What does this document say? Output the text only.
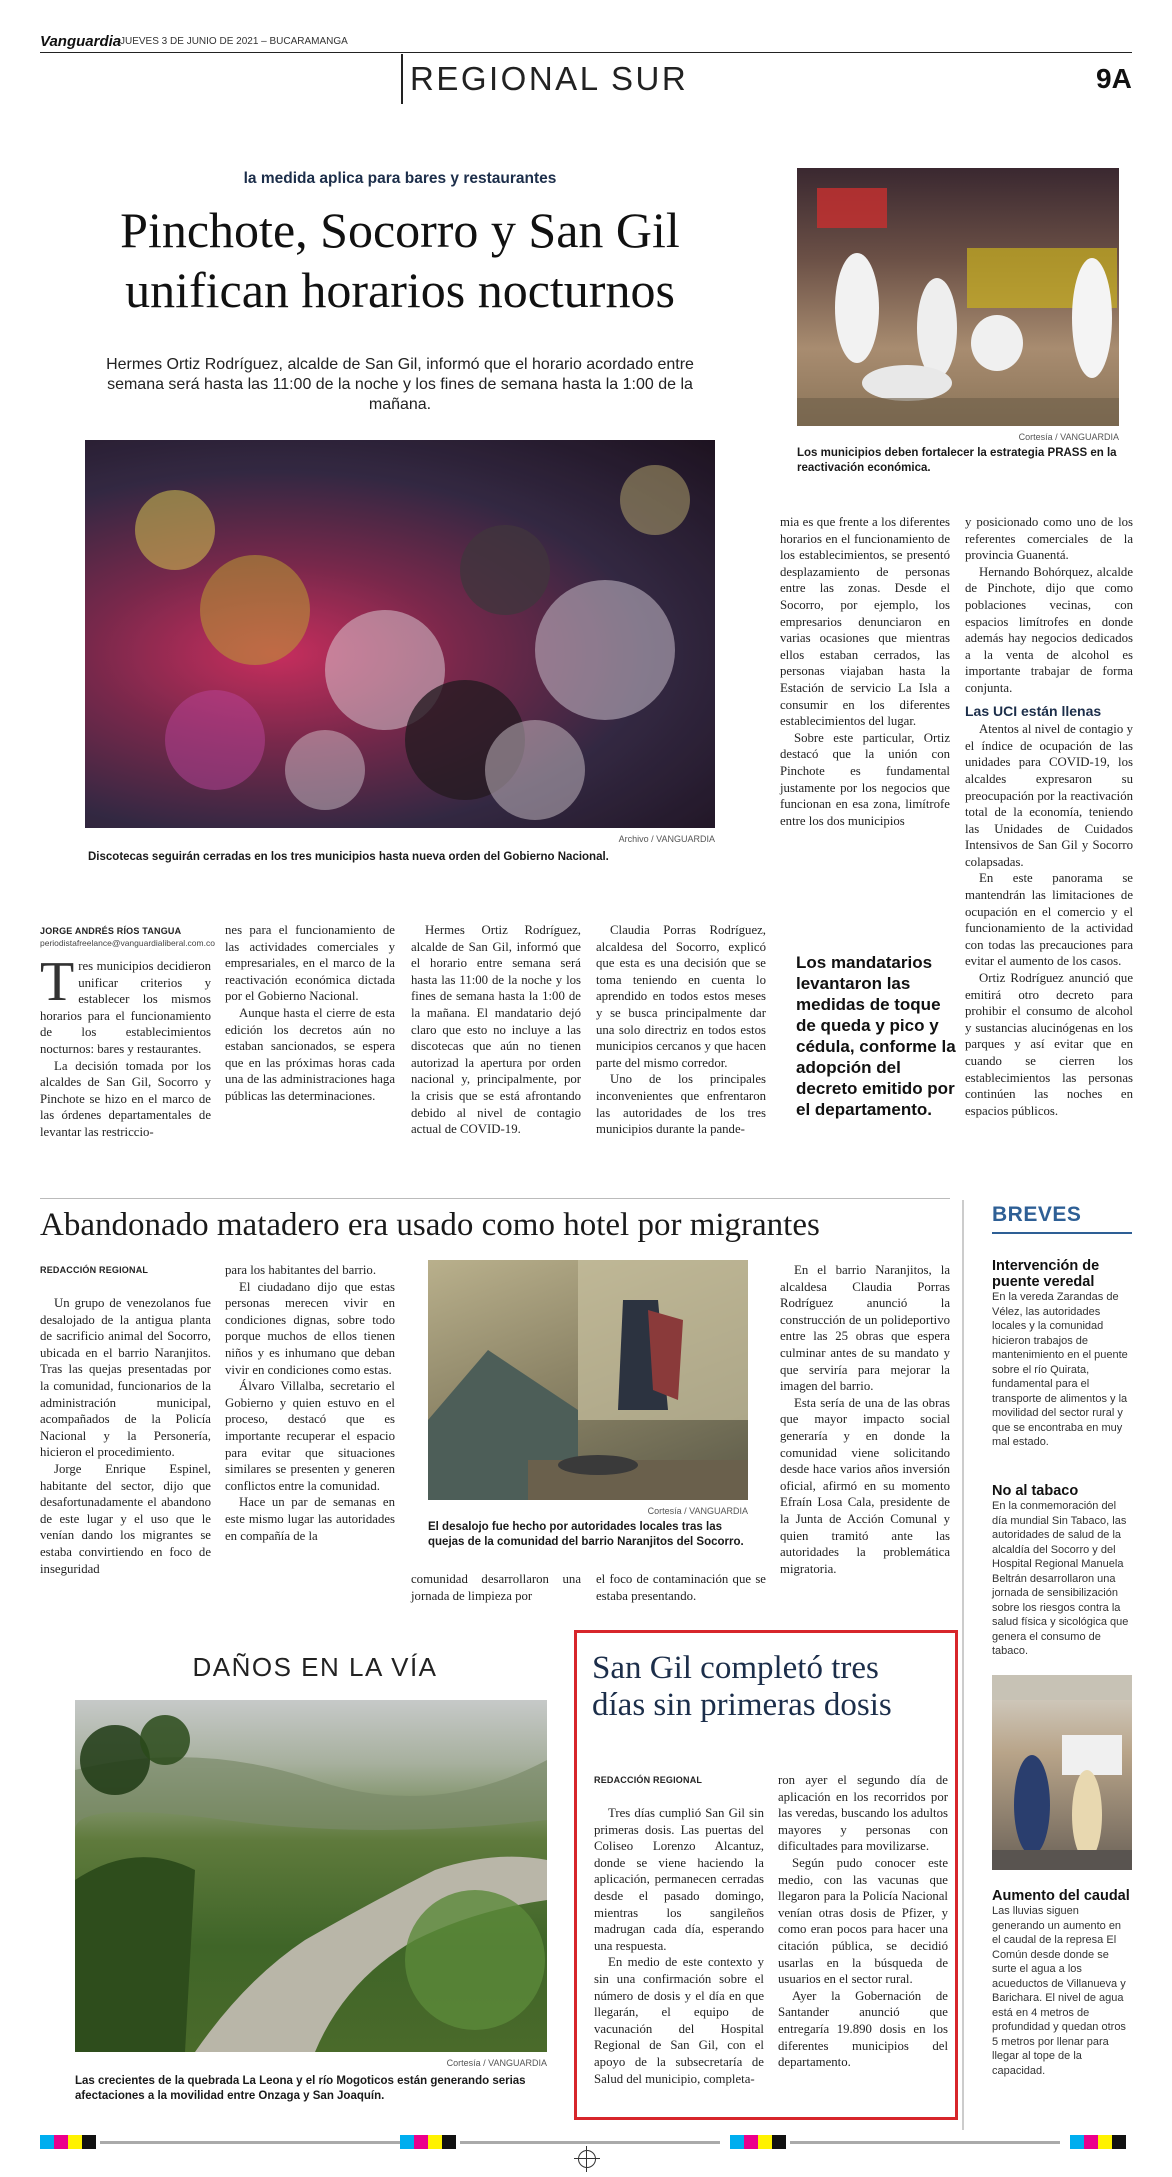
Vanguardia
JUEVES 3 DE JUNIO DE 2021 – BUCARAMANGA
REGIONAL SUR	9A
la medida aplica para bares y restaurantes
Pinchote, Socorro y San Gil
unifican horarios nocturnos
Hermes Ortiz Rodríguez, alcalde de San Gil, informó que el horario acordado entre semana será hasta las 11:00 de la noche y los fines de semana hasta la 1:00 de la mañana.
Archivo / VANGUARDIA
Discotecas seguirán cerradas en los tres municipios hasta nueva orden del Gobierno Nacional.
Cortesía / VANGUARDIA
Los municipios deben fortalecer la estrategia PRASS en la reactivación económica.
JORGE ANDRÉS RÍOS TANGUA
periodistafreelance@vanguardialiberal.com.co

Tres municipios decidieron unificar criterios y establecer los mismos horarios para el funcionamiento de los establecimientos nocturnos: bares y restaurantes.

La decisión tomada por los alcaldes de San Gil, Socorro y Pinchote se hizo en el marco de las órdenes departamentales de levantar las restriccio-

nes para el funcionamiento de las actividades comerciales y empresariales, en el marco de la reactivación económica dictada por el Gobierno Nacional.

Aunque hasta el cierre de esta edición los decretos aún no estaban sancionados, se espera que en las próximas horas cada una de las administraciones haga públicas las determinaciones.

Hermes Ortiz Rodríguez, alcalde de San Gil, informó que el horario entre semana será hasta las 11:00 de la noche y los fines de semana hasta la 1:00 de la mañana. El mandatario dejó claro que esto no incluye a las discotecas que aún no tienen autorizad la apertura por orden nacional y, principalmente, por la crisis que se está afrontando debido al nivel de contagio actual de COVID-19.

Claudia Porras Rodríguez, alcaldesa del Socorro, explicó que esta es una decisión que se toma teniendo en cuenta lo aprendido en todos estos meses y se busca principalmente dar una solo directriz en todos estos municipios cercanos y que hacen parte del mismo corredor.

Uno de los principales inconvenientes que enfrentaron las autoridades de los tres municipios durante la pande-

mia es que frente a los diferentes horarios en el funcionamiento de los establecimientos, se presentó desplazamiento de personas entre las zonas. Desde el Socorro, por ejemplo, los empresarios denunciaron en varias ocasiones que mientras ellos estaban cerrados, las personas viajaban hasta la Estación de servicio La Isla a consumir en los diferentes establecimientos del lugar.

Sobre este particular, Ortiz destacó que la unión con Pinchote es fundamental justamente por los negocios que funcionan en esa zona, limítrofe entre los dos municipios

Los mandatarios levantaron las medidas de toque de queda y pico y cédula, conforme la adopción del decreto emitido por el departamento.

y posicionado como uno de los referentes comerciales de la provincia Guanentá.

Hernando Bohórquez, alcalde de Pinchote, dijo que como poblaciones vecinas, con espacios limítrofes en donde además hay negocios dedicados a la venta de alcohol es importante trabajar de forma conjunta.

Las UCI están llenas

Atentos al nivel de contagio y el índice de ocupación de las unidades para COVID-19, los alcaldes expresaron su preocupación por la reactivación total de la economía, teniendo las Unidades de Cuidados Intensivos de San Gil y Socorro colapsadas.

En este panorama se mantendrán las limitaciones de ocupación en el comercio y el funcionamiento de la actividad con todas las precauciones para evitar el aumento de los casos.

Ortiz Rodríguez anunció que emitirá otro decreto para prohibir el consumo de alcohol y sustancias alucinógenas en los parques y así evitar que en cuando se cierren los establecimientos las personas continúen las noches en espacios públicos.

Abandonado matadero era usado como hotel por migrantes
REDACCIÓN REGIONAL

Un grupo de venezolanos fue desalojado de la antigua planta de sacrificio animal del Socorro, ubicada en el barrio Naranjitos. Tras las quejas presentadas por la comunidad, funcionarios de la administración municipal, acompañados de la Policía Nacional y la Personería, hicieron el procedimiento.

Jorge Enrique Espinel, habitante del sector, dijo que desafortunadamente el abandono de este lugar y el uso que le venían dando los migrantes se estaba convirtiendo en foco de inseguridad

para los habitantes del barrio.

El ciudadano dijo que estas personas merecen vivir en condiciones dignas, sobre todo porque muchos de ellos tienen niños y es inhumano que deban vivir en condiciones como estas.

Álvaro Villalba, secretario el Gobierno y quien estuvo en el proceso, destacó que es importante recuperar el espacio para evitar que situaciones similares se presenten y generen conflictos entre la comunidad.

Hace un par de semanas en este mismo lugar las autoridades en compañía de la

Cortesía / VANGUARDIA
El desalojo fue hecho por autoridades locales tras las quejas de la comunidad del barrio Naranjitos del Socorro.

comunidad desarrollaron una jornada de limpieza por

el foco de contaminación que se estaba presentando.

En el barrio Naranjitos, la alcaldesa Claudia Porras Rodríguez anunció la construcción de un polideportivo entre las 25 obras que espera culminar antes de su mandato y que serviría para mejorar la imagen del barrio.

Esta sería de una de las obras que mayor impacto social generaría y en donde la comunidad viene solicitando desde hace varios años inversión oficial, afirmó en su momento Efraín Losa Cala, presidente de la Junta de Acción Comunal y quien tramitó ante las autoridades la problemática migratoria.

DAÑOS EN LA VÍA
Cortesía / VANGUARDIA
Las crecientes de la quebrada La Leona y el río Mogoticos están generando serias afectaciones a la movilidad entre Onzaga y San Joaquín.
San Gil completó tres
días sin primeras dosis
REDACCIÓN REGIONAL

Tres días cumplió San Gil sin primeras dosis. Las puertas del Coliseo Lorenzo Alcantuz, donde se viene haciendo la aplicación, permanecen cerradas desde el pasado domingo, mientras los sangileños madrugan cada día, esperando una respuesta.

En medio de este contexto y sin una confirmación sobre el número de dosis y el día en que llegarán, el equipo de vacunación del Hospital Regional de San Gil, con el apoyo de la subsecretaría de Salud del municipio, completa-

ron ayer el segundo día de aplicación en los recorridos por las veredas, buscando los adultos mayores y personas con dificultades para movilizarse.

Según pudo conocer este medio, con las vacunas que llegaron para la Policía Nacional venían otras dosis de Pfizer, y como eran pocos para hacer una citación pública, se decidió usarlas en la búsqueda de usuarios en el sector rural.

Ayer la Gobernación de Santander anunció que entregaría 19.890 dosis en los diferentes municipios del departamento.

BREVES
Intervención de puente veredal
En la vereda Zarandas de Vélez, las autoridades locales y la comunidad hicieron trabajos de mantenimiento en el puente sobre el río Quirata, fundamental para el transporte de alimentos y la movilidad del sector rural y que se encontraba en muy mal estado.
No al tabaco
En la conmemoración del día mundial Sin Tabaco, las autoridades de salud de la alcaldía del Socorro y del Hospital Regional Manuela Beltrán desarrollaron una jornada de sensibilización sobre los riesgos contra la salud física y sicológica que genera el consumo de tabaco.
Aumento del caudal
Las lluvias siguen generando un aumento en el caudal de la represa El Común desde donde se surte el agua a los acueductos de Villanueva y Barichara. El nivel de agua está en 4 metros de profundidad y quedan otros 5 metros por llenar para llegar al tope de la capacidad.
